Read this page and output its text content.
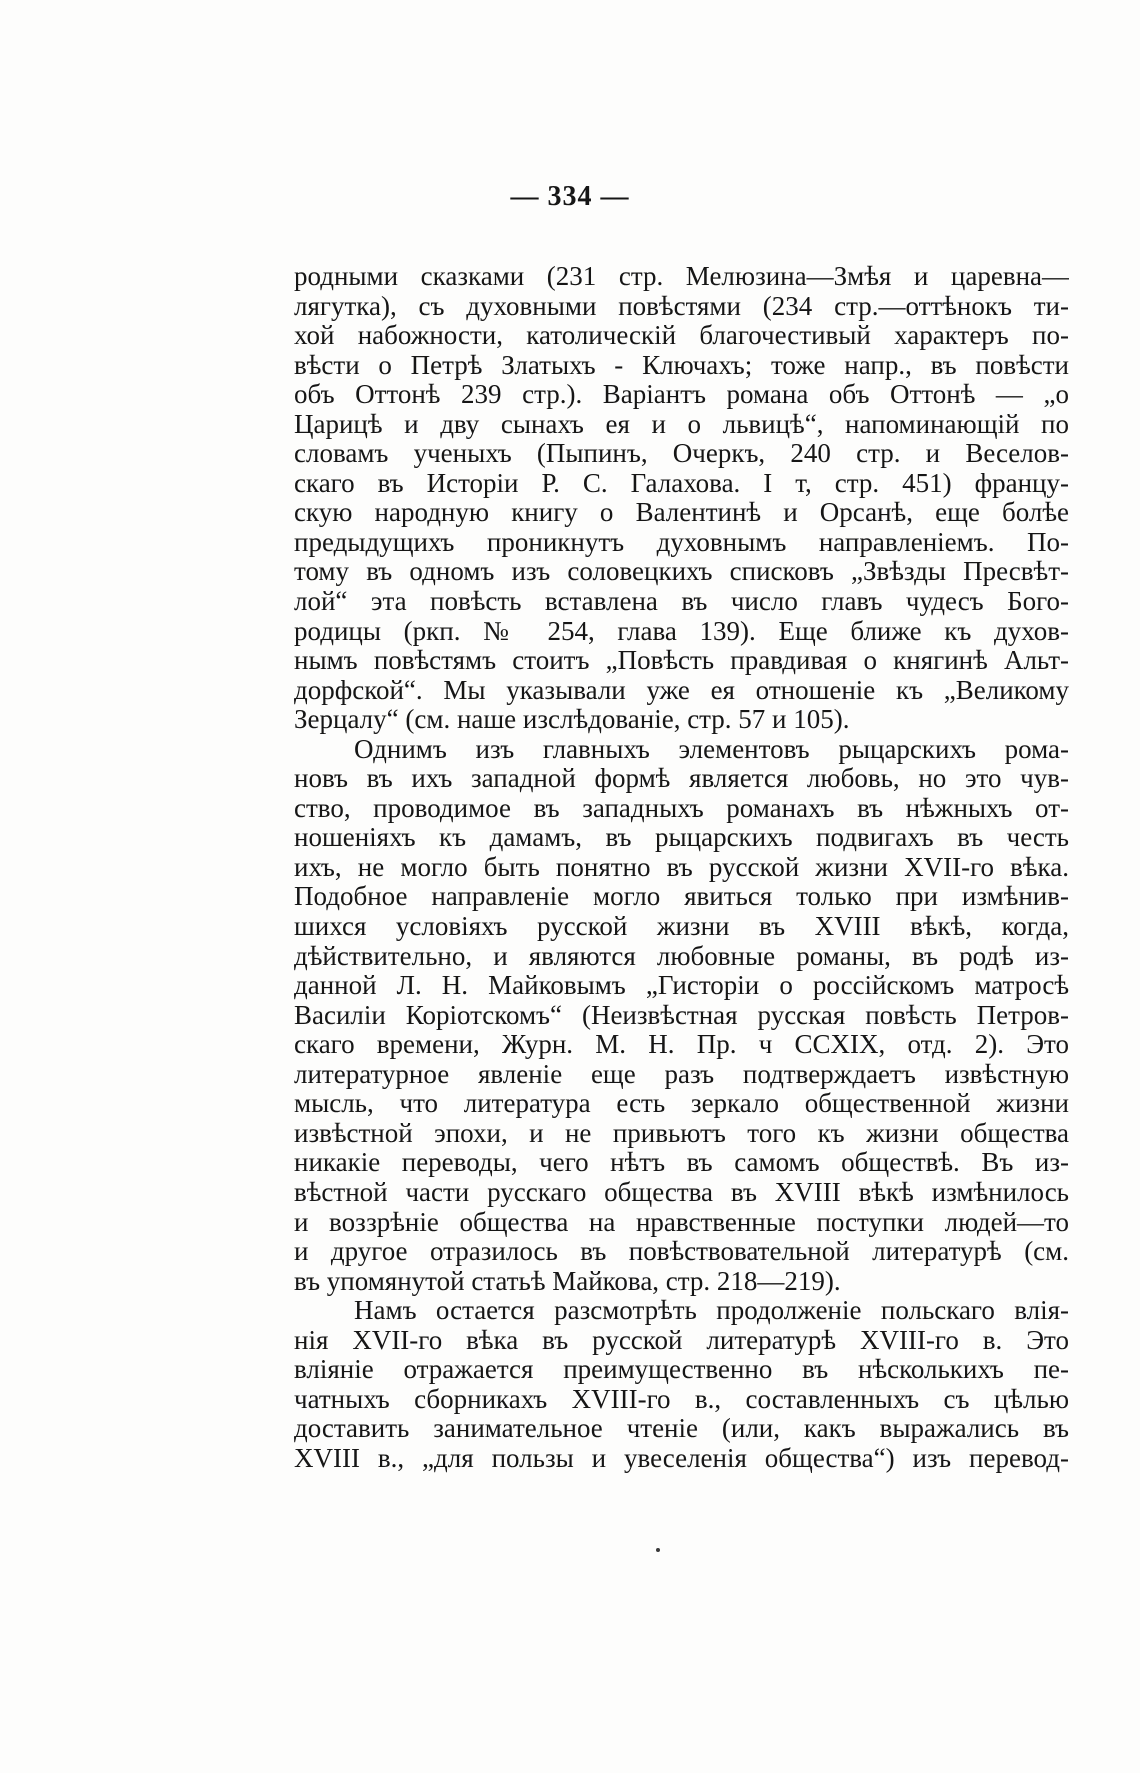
— 334 —
родными сказками (231 стр. Мелюзина—Змѣя и царевна—
лягутка), съ духовными повѣстями (234 стр.—оттѣнокъ ти-
хой набожности, католическій благочестивый характеръ по-
вѣсти о Петрѣ Златыхъ - Ключахъ; тоже напр., въ повѣсти
объ Оттонѣ 239 стр.). Варіантъ романа объ Оттонѣ — „о
Царицѣ и дву сынахъ ея и о львицѣ“, напоминающій по
словамъ ученыхъ (Пыпинъ, Очеркъ, 240 стр. и Веселов-
скаго въ Исторіи Р. С. Галахова. I т, стр. 451) францу-
скую народную книгу о Валентинѣ и Орсанѣ, еще болѣе
предыдущихъ проникнутъ духовнымъ направленіемъ. По-
тому въ одномъ изъ соловецкихъ списковъ „Звѣзды Пресвѣт-
лой“ эта повѣсть вставлена въ число главъ чудесъ Бого-
родицы (ркп. № 254, глава 139). Еще ближе къ духов-
нымъ повѣстямъ стоитъ „Повѣсть правдивая о княгинѣ Альт-
дорфской“. Мы указывали уже ея отношеніе къ „Великому
Зерцалу“ (см. наше изслѣдованіе, стр. 57 и 105).
Однимъ изъ главныхъ элементовъ рыцарскихъ рома-
новъ въ ихъ западной формѣ является любовь, но это чув-
ство, проводимое въ западныхъ романахъ въ нѣжныхъ от-
ношеніяхъ къ дамамъ, въ рыцарскихъ подвигахъ въ честь
ихъ, не могло быть понятно въ русской жизни XVII-го вѣка.
Подобное направленіе могло явиться только при измѣнив-
шихся условіяхъ русской жизни въ XVIII вѣкѣ, когда,
дѣйствительно, и являются любовные романы, въ родѣ из-
данной Л. Н. Майковымъ „Гисторіи о россійскомъ матросѣ
Василіи Коріотскомъ“ (Неизвѣстная русская повѣсть Петров-
скаго времени, Журн. М. Н. Пр. ч CCXIX, отд. 2). Это
литературное явленіе еще разъ подтверждаетъ извѣстную
мысль, что литература есть зеркало общественной жизни
извѣстной эпохи, и не привьютъ того къ жизни общества
никакіе переводы, чего нѣтъ въ самомъ обществѣ. Въ из-
вѣстной части русскаго общества въ XVIII вѣкѣ измѣнилось
и воззрѣніе общества на нравственные поступки людей—то
и другое отразилось въ повѣствовательной литературѣ (см.
въ упомянутой статьѣ Майкова, стр. 218—219).
Намъ остается разсмотрѣть продолженіе польскаго влія-
нія XVII-го вѣка въ русской литературѣ XVIII-го в. Это
вліяніе отражается преимущественно въ нѣсколькихъ пе-
чатныхъ сборникахъ XVIII-го в., составленныхъ съ цѣлью
доставить занимательное чтеніе (или, какъ выражались въ
XVIII в., „для пользы и увеселенія общества“) изъ перевод-
